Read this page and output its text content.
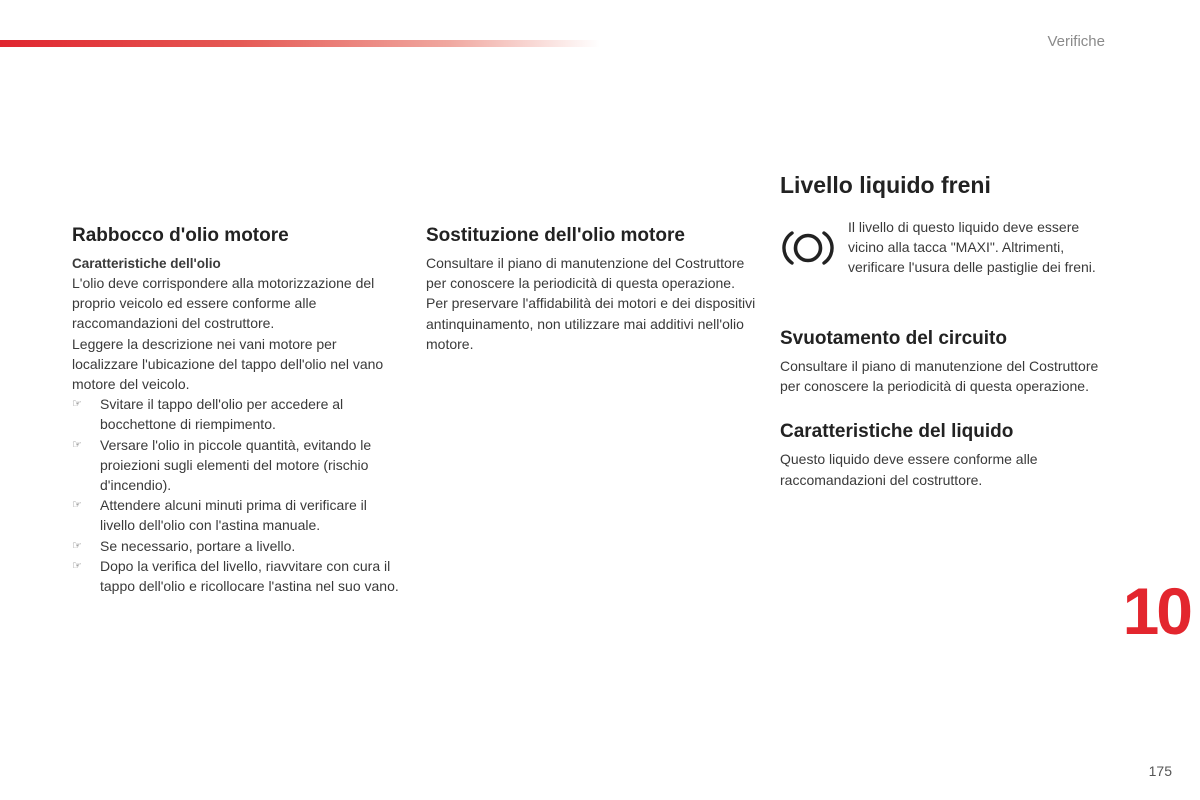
Verifiche
Rabbocco d'olio motore

Caratteristiche dell'olio

L'olio deve corrispondere alla motorizzazione del proprio veicolo ed essere conforme alle raccomandazioni del costruttore.

Leggere la descrizione nei vani motore per localizzare l'ubicazione del tappo dell'olio nel vano motore del veicolo.

☞ Svitare il tappo dell'olio per accedere al bocchettone di riempimento.
☞ Versare l'olio in piccole quantità, evitando le proiezioni sugli elementi del motore (rischio d'incendio).
☞ Attendere alcuni minuti prima di verificare il livello dell'olio con l'astina manuale.
☞ Se necessario, portare a livello.
☞ Dopo la verifica del livello, riavvitare con cura il tappo dell'olio e ricollocare l'astina nel suo vano.
Sostituzione dell'olio motore

Consultare il piano di manutenzione del Costruttore per conoscere la periodicità di questa operazione.

Per preservare l'affidabilità dei motori e dei dispositivi antinquinamento, non utilizzare mai additivi nell'olio motore.

Livello liquido freni
Il livello di questo liquido deve essere vicino alla tacca "MAXI". Altrimenti, verificare l'usura delle pastiglie dei freni.
Svuotamento del circuito

Consultare il piano di manutenzione del Costruttore per conoscere la periodicità di questa operazione.

Caratteristiche del liquido

Questo liquido deve essere conforme alle raccomandazioni del costruttore.

10
175
